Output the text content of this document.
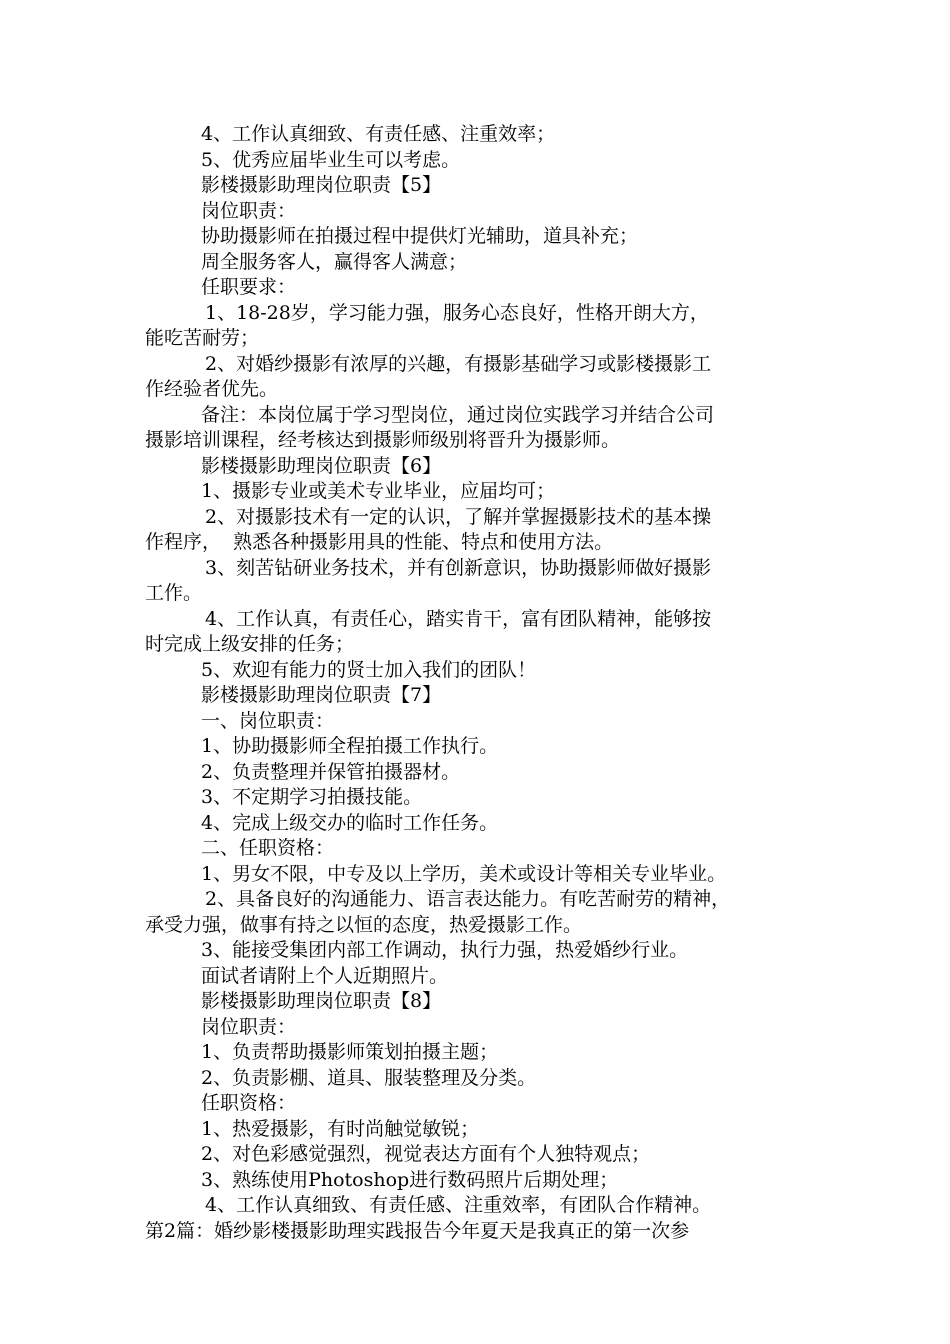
4、工作认真细致、有责任感、注重效率；
5、优秀应届毕业生可以考虑。
影楼摄影助理岗位职责【5】
岗位职责：
协助摄影师在拍摄过程中提供灯光辅助，道具补充；
周全服务客人，赢得客人满意；
任职要求：
1、18-28岁，学习能力强，服务心态良好，性格开朗大方，
能吃苦耐劳；
2、对婚纱摄影有浓厚的兴趣，有摄影基础学习或影楼摄影工
作经验者优先。
备注：本岗位属于学习型岗位，通过岗位实践学习并结合公司
摄影培训课程，经考核达到摄影师级别将晋升为摄影师。
影楼摄影助理岗位职责【6】
1、摄影专业或美术专业毕业，应届均可；
2、对摄影技术有一定的认识，了解并掌握摄影技术的基本操
作程序，  熟悉各种摄影用具的性能、特点和使用方法。
3、刻苦钻研业务技术，并有创新意识，协助摄影师做好摄影
工作。
4、工作认真，有责任心，踏实肯干，富有团队精神，能够按
时完成上级安排的任务；
5、欢迎有能力的贤士加入我们的团队！
影楼摄影助理岗位职责【7】
一、岗位职责：
1、协助摄影师全程拍摄工作执行。
2、负责整理并保管拍摄器材。
3、不定期学习拍摄技能。
4、完成上级交办的临时工作任务。
二、任职资格：
1、男女不限，中专及以上学历，美术或设计等相关专业毕业。
2、具备良好的沟通能力、语言表达能力。有吃苦耐劳的精神，
承受力强，做事有持之以恒的态度，热爱摄影工作。
3、能接受集团内部工作调动，执行力强，热爱婚纱行业。
面试者请附上个人近期照片。
影楼摄影助理岗位职责【8】
岗位职责：
1、负责帮助摄影师策划拍摄主题；
2、负责影棚、道具、服装整理及分类。
任职资格：
1、热爱摄影，有时尚触觉敏锐；
2、对色彩感觉强烈，视觉表达方面有个人独特观点；
3、熟练使用Photoshop进行数码照片后期处理；
4、工作认真细致、有责任感、注重效率，有团队合作精神。
第2篇：婚纱影楼摄影助理实践报告今年夏天是我真正的第一次参
